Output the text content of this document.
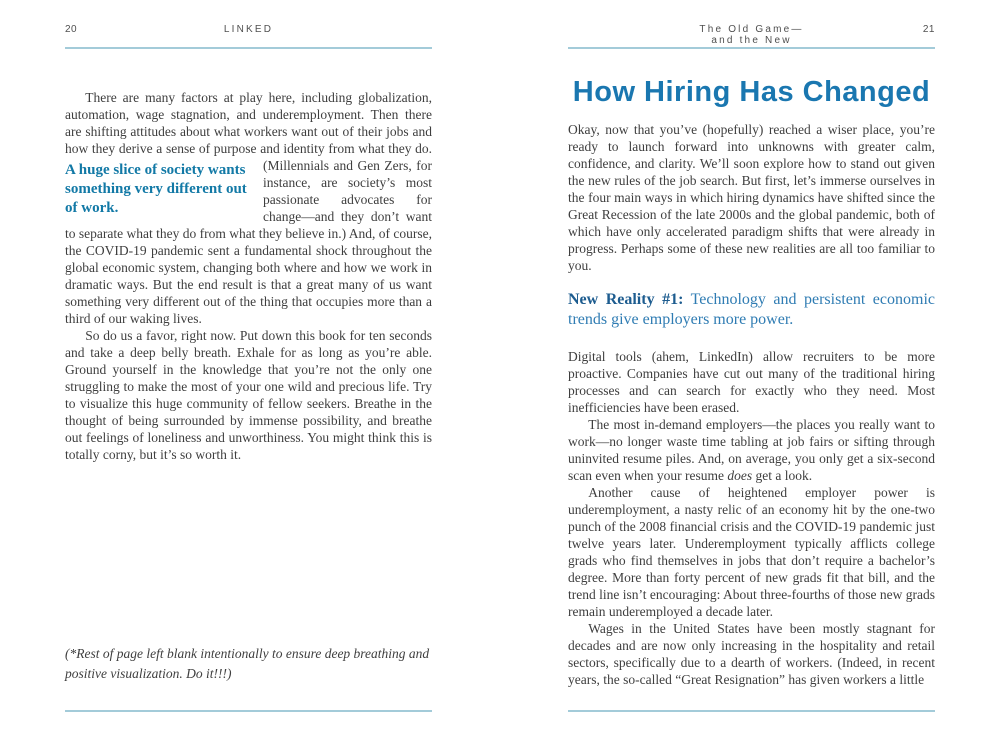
20	LINKED

There are many factors at play here, including globalization, automation, wage stagnation, and underemployment. Then there are shifting attitudes about what workers want out of their jobs and how they derive a sense of purpose and identity from what they
A huge slice of society wants something very different out of work.
do. (Millennials and Gen Zers, for instance, are society’s most passionate advocates for change—and they don’t want to separate what they do from what they believe in.) And, of course, the COVID-19 pandemic sent a fundamental shock throughout the global economic system, changing both where and how we work in dramatic ways. But the end result is that a great many of us want something very different out of the thing that occupies more than a third of our waking lives.

So do us a favor, right now. Put down this book for ten seconds and take a deep belly breath. Exhale for as long as you’re able. Ground yourself in the knowledge that you’re not the only one struggling to make the most of your one wild and precious life. Try to visualize this huge community of fellow seekers. Breathe in the thought of being surrounded by immense possibility, and breathe out feelings of loneliness and unworthiness. You might think this is totally corny, but it’s so worth it.

(*Rest of page left blank intentionally to ensure deep breathing and positive visualization. Do it!!!)

The Old Game—and the New
21
How Hiring Has Changed

Okay, now that you’ve (hopefully) reached a wiser place, you’re ready to launch forward into unknowns with greater calm, confidence, and clarity. We’ll soon explore how to stand out given the new rules of the job search. But first, let’s immerse ourselves in the four main ways in which hiring dynamics have shifted since the Great Recession of the late 2000s and the global pandemic, both of which have only accelerated paradigm shifts that were already in progress. Perhaps some of these new realities are all too familiar to you.

New Reality #1: Technology and persistent economic trends give employers more power.

Digital tools (ahem, LinkedIn) allow recruiters to be more proactive. Companies have cut out many of the traditional hiring processes and can search for exactly who they need. Most inefficiencies have been erased.

The most in-demand employers—the places you really want to work—no longer waste time tabling at job fairs or sifting through uninvited resume piles. And, on average, you only get a six-second scan even when your resume does get a look.

Another cause of heightened employer power is underemployment, a nasty relic of an economy hit by the one-two punch of the 2008 financial crisis and the COVID-19 pandemic just twelve years later. Underemployment typically afflicts college grads who find themselves in jobs that don’t require a bachelor’s degree. More than forty percent of new grads fit that bill, and the trend line isn’t encouraging: About three-fourths of those new grads remain underemployed a decade later.

Wages in the United States have been mostly stagnant for decades and are now only increasing in the hospitality and retail sectors, specifically due to a dearth of workers. (Indeed, in recent years, the so-called “Great Resignation” has given workers a little
